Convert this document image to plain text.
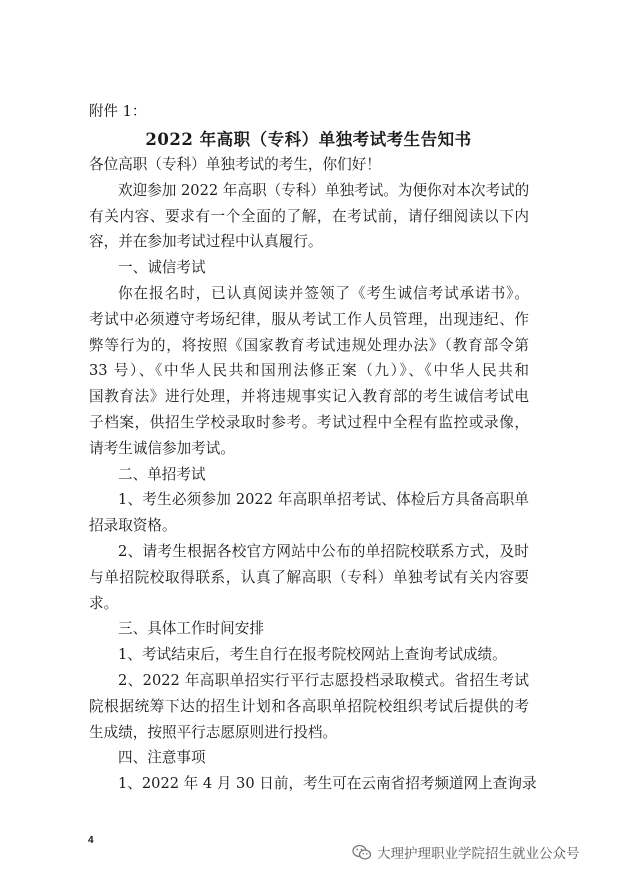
附件 1：
2022 年高职（专科）单独考试考生告知书

各位高职（专科）单独考试的考生，你们好！

欢迎参加 2022 年高职（专科）单独考试。为便你对本次考试的

有关内容、要求有一个全面的了解，在考试前，请仔细阅读以下内

容，并在参加考试过程中认真履行。

一、诚信考试

你在报名时，已认真阅读并签领了《考生诚信考试承诺书》。

考试中必须遵守考场纪律，服从考试工作人员管理，出现违纪、作

弊等行为的，将按照《国家教育考试违规处理办法》（教育部令第

33 号）、《中华人民共和国刑法修正案（九）》、《中华人民共和

国教育法》进行处理，并将违规事实记入教育部的考生诚信考试电

子档案，供招生学校录取时参考。考试过程中全程有监控或录像，

请考生诚信参加考试。

二、单招考试

1、考生必须参加 2022 年高职单招考试、体检后方具备高职单

招录取资格。

2、请考生根据各校官方网站中公布的单招院校联系方式，及时

与单招院校取得联系，认真了解高职（专科）单独考试有关内容要

求。

三、具体工作时间安排

1、考试结束后，考生自行在报考院校网站上查询考试成绩。

2、2022 年高职单招实行平行志愿投档录取模式。省招生考试

院根据统筹下达的招生计划和各高职单招院校组织考试后提供的考

生成绩，按照平行志愿原则进行投档。

四、注意事项

1、2022 年 4 月 30 日前，考生可在云南省招考频道网上查询录

4
大理护理职业学院招生就业公众号
